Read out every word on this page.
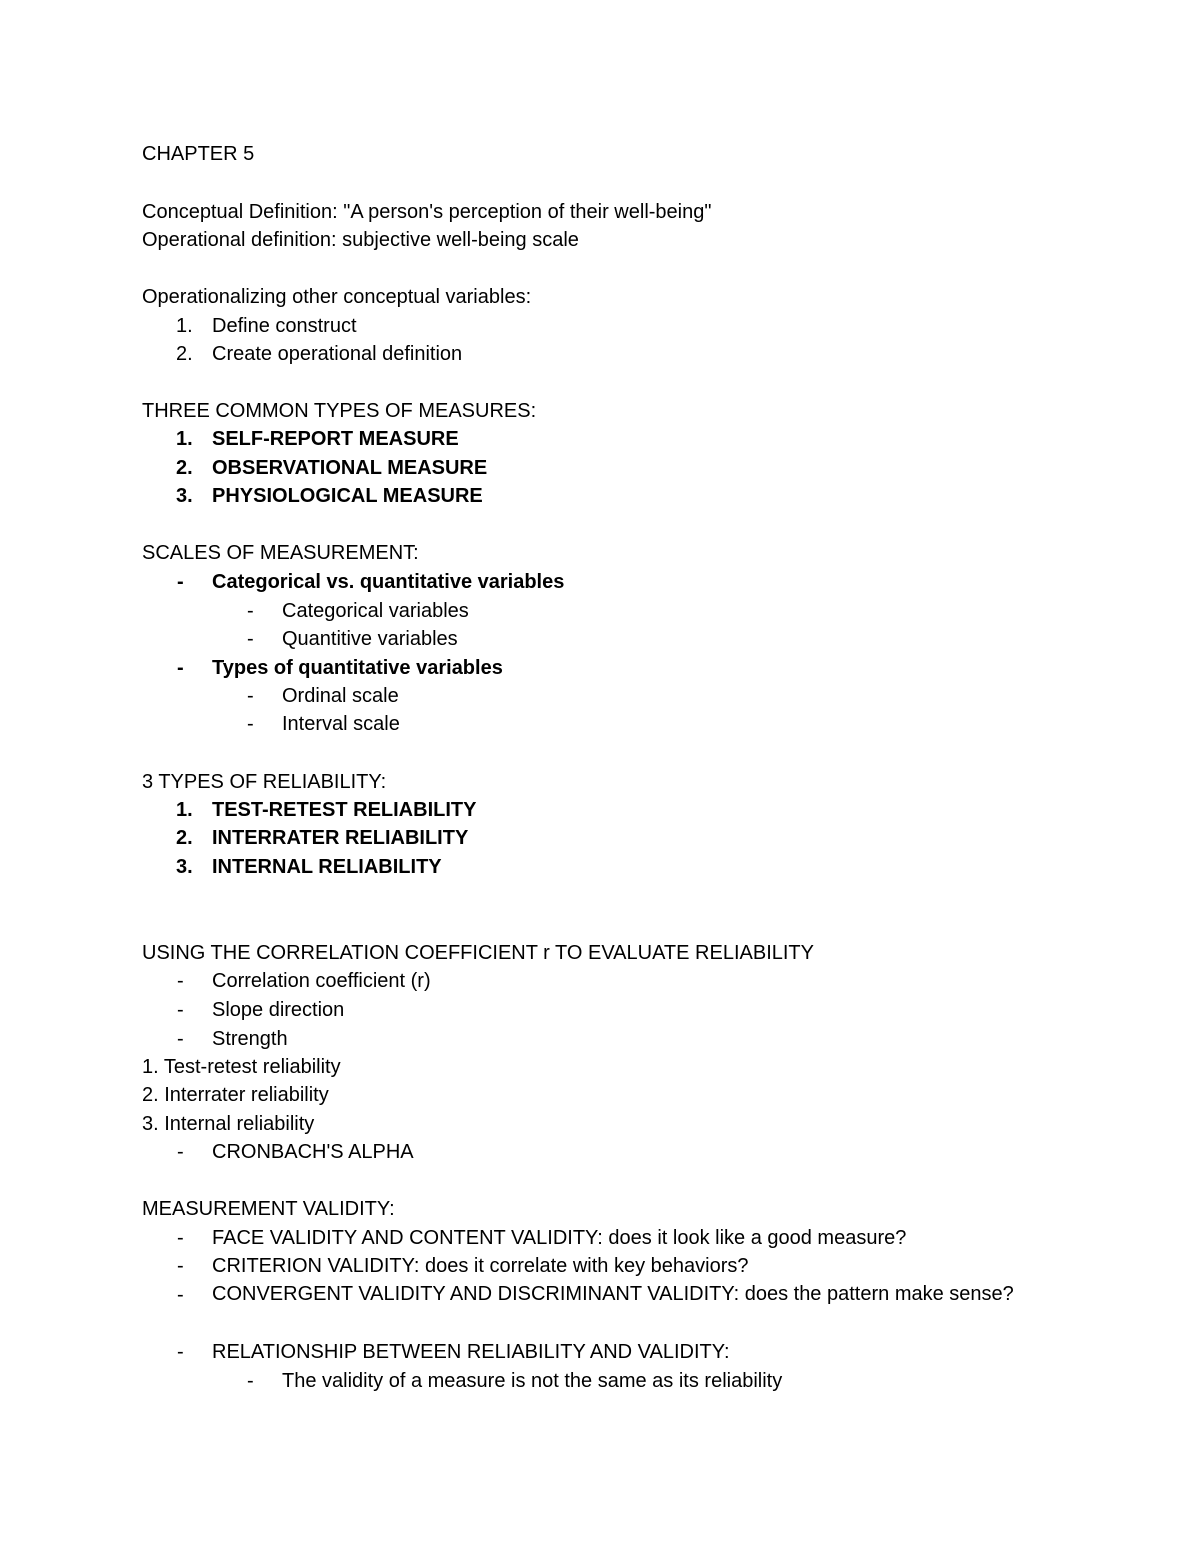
CHAPTER 5
Conceptual Definition: "A person's perception of their well-being"
Operational definition: subjective well-being scale
Operationalizing other conceptual variables:
1. Define construct
2. Create operational definition
THREE COMMON TYPES OF MEASURES:
1. SELF-REPORT MEASURE
2. OBSERVATIONAL MEASURE
3. PHYSIOLOGICAL MEASURE
SCALES OF MEASUREMENT:
- Categorical vs. quantitative variables
- Categorical variables
- Quantitive variables
- Types of quantitative variables
- Ordinal scale
- Interval scale
3 TYPES OF RELIABILITY:
1. TEST-RETEST RELIABILITY
2. INTERRATER RELIABILITY
3. INTERNAL RELIABILITY
USING THE CORRELATION COEFFICIENT r TO EVALUATE RELIABILITY
- Correlation coefficient (r)
- Slope direction
- Strength
1. Test-retest reliability
2. Interrater reliability
3. Internal reliability
- CRONBACH'S ALPHA
MEASUREMENT VALIDITY:
- FACE VALIDITY AND CONTENT VALIDITY: does it look like a good measure?
- CRITERION VALIDITY: does it correlate with key behaviors?
- CONVERGENT VALIDITY AND DISCRIMINANT VALIDITY: does the pattern make sense?
- RELATIONSHIP BETWEEN RELIABILITY AND VALIDITY:
- The validity of a measure is not the same as its reliability
